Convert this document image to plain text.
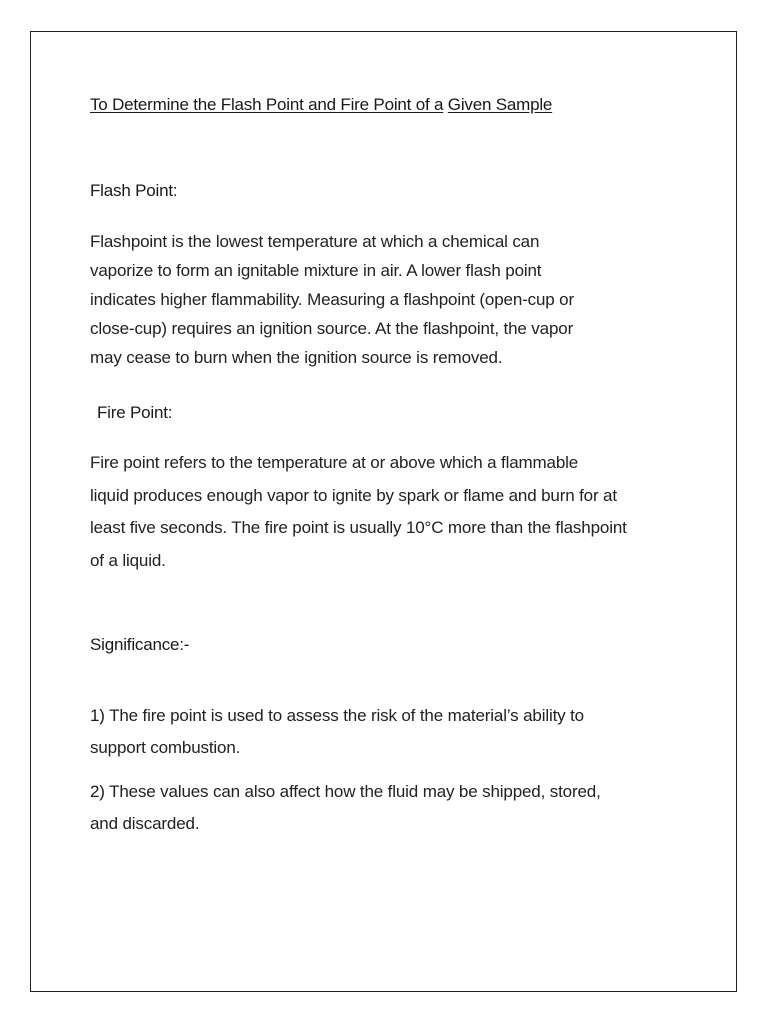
To Determine the Flash Point and Fire Point of a Given Sample
Flash Point:

Flashpoint is the lowest temperature at which a chemical can
vaporize to form an ignitable mixture in air. A lower flash point
indicates higher flammability. Measuring a flashpoint (open-cup or
close-cup) requires an ignition source. At the flashpoint, the vapor
may cease to burn when the ignition source is removed.

Fire Point:

Fire point refers to the temperature at or above which a flammable
liquid produces enough vapor to ignite by spark or flame and burn for at
least five seconds. The fire point is usually 10°C more than the flashpoint
of a liquid.

Significance:-

1) The fire point is used to assess the risk of the material’s ability to
support combustion.

2) These values can also affect how the fluid may be shipped, stored,
and discarded.
